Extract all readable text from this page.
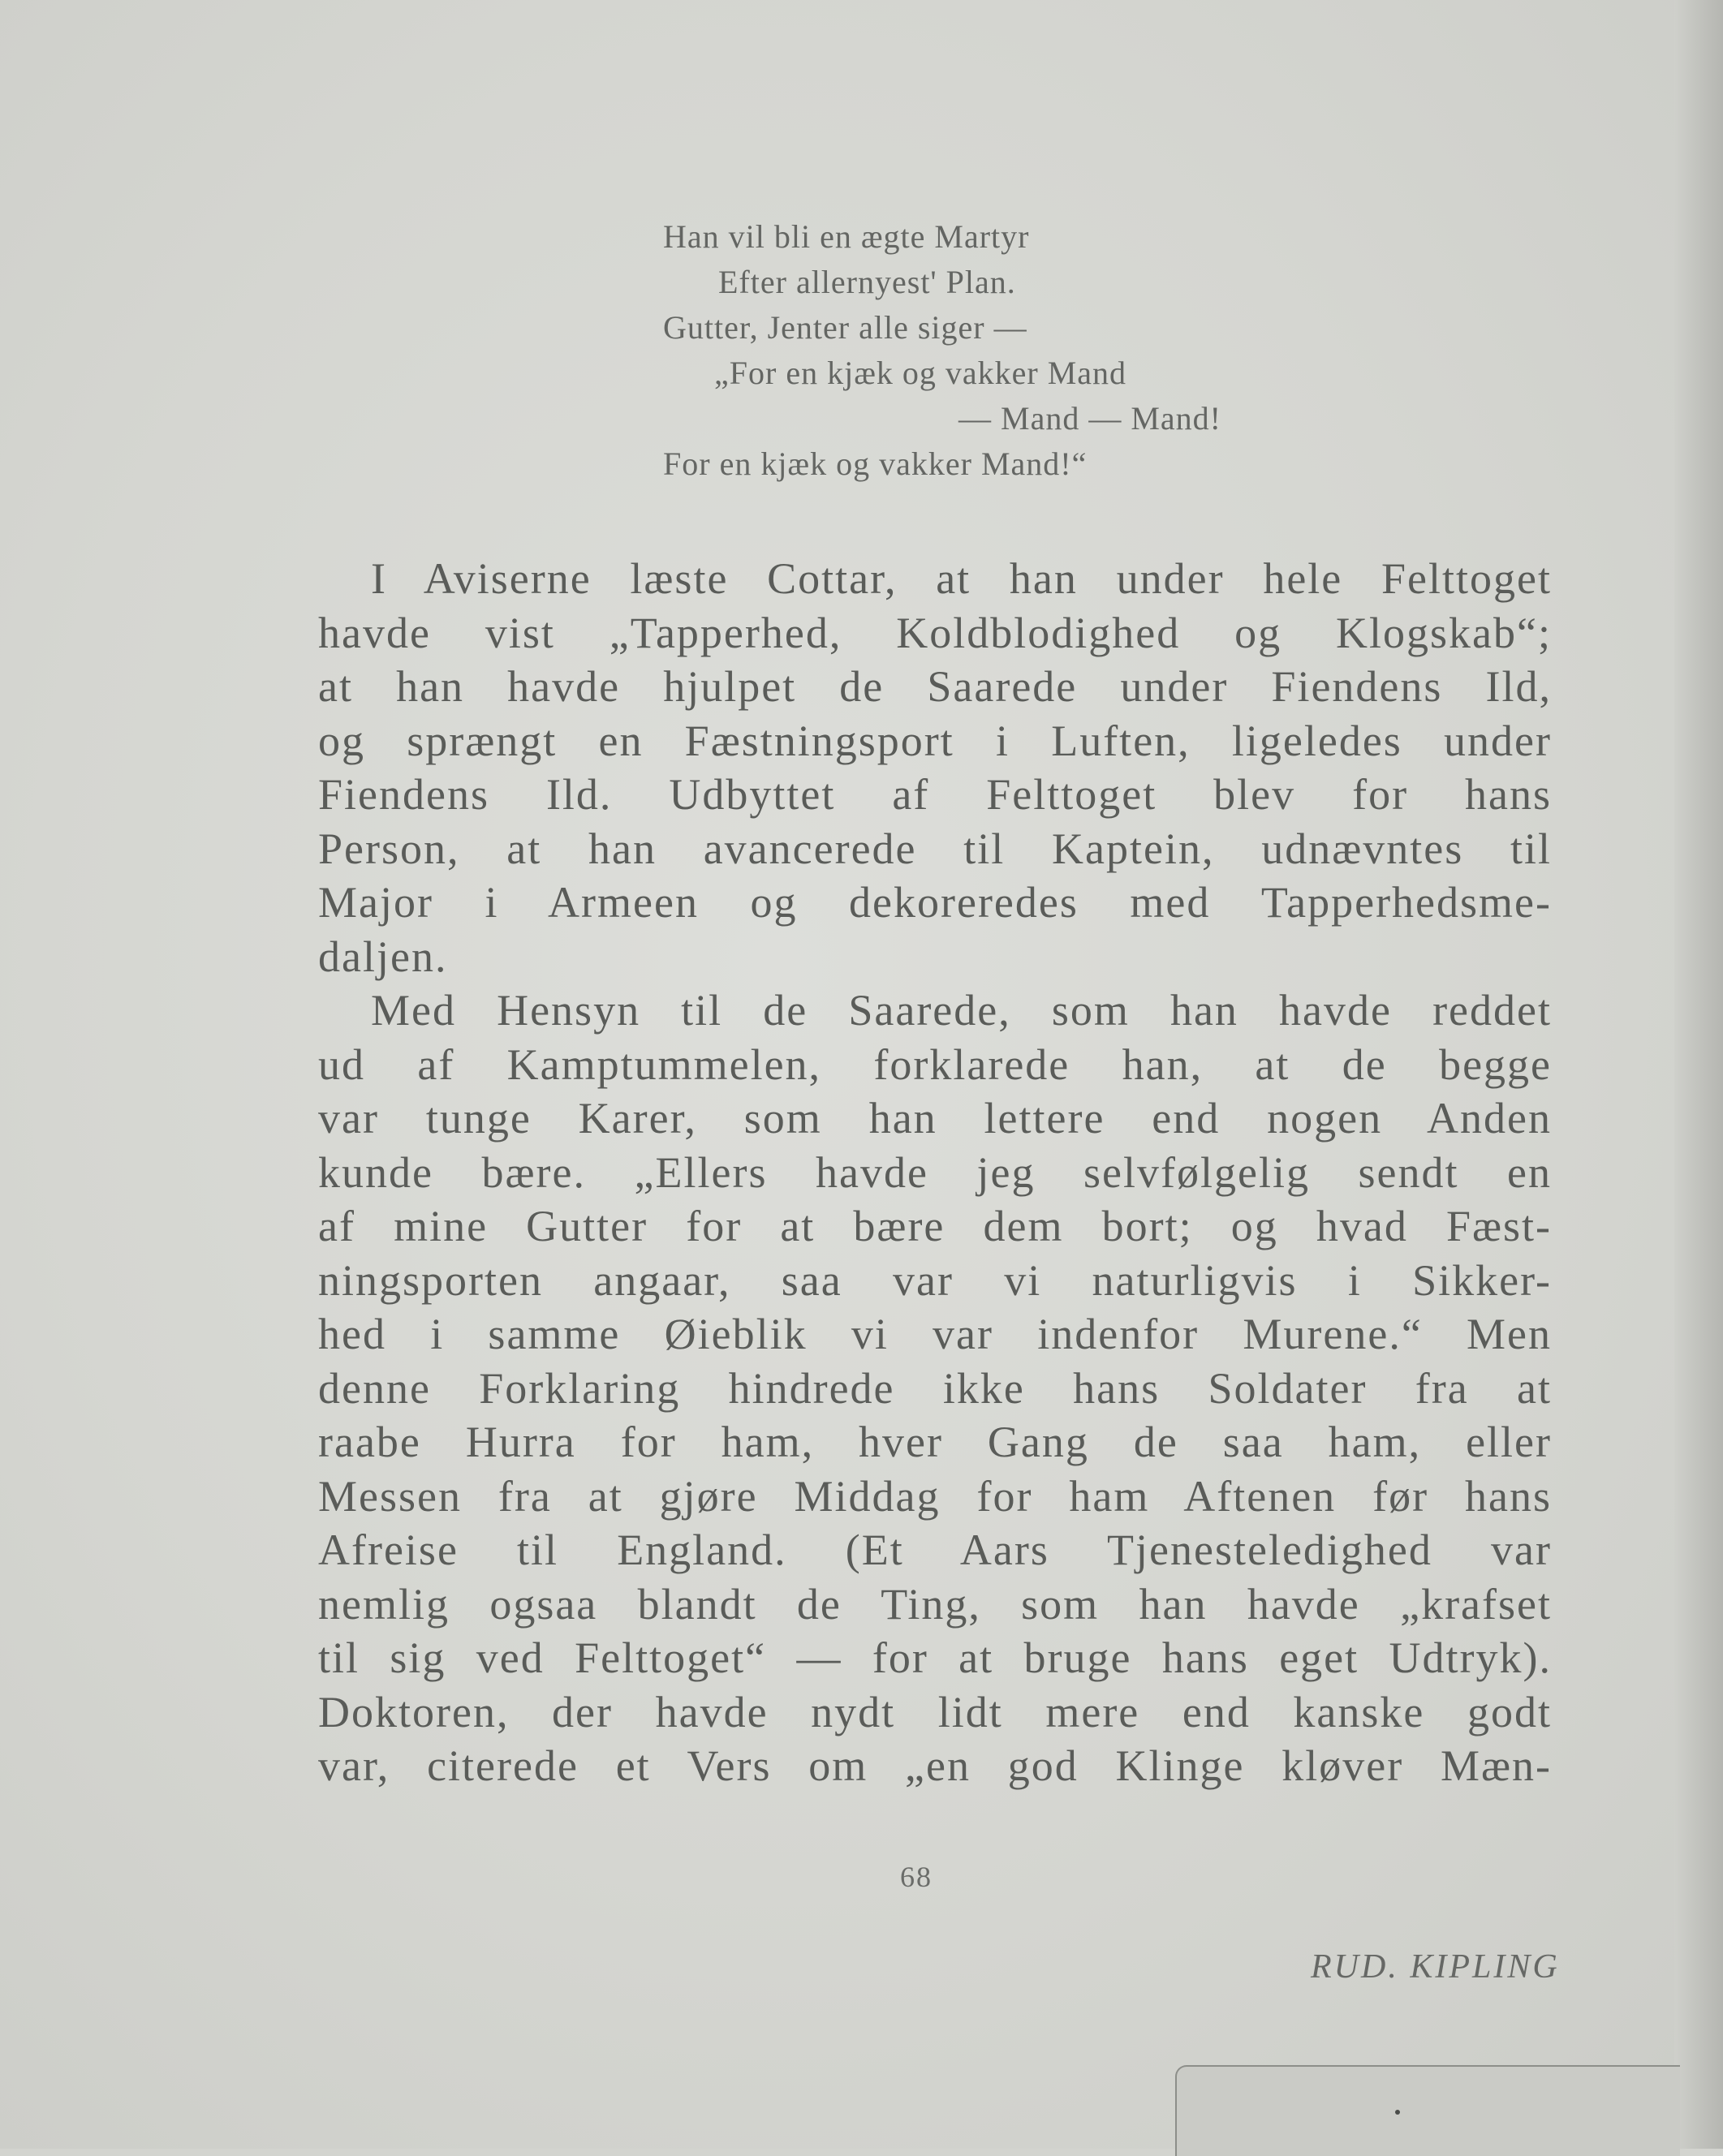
Han vil bli en ægte Martyr
Efter allernyest' Plan.
Gutter, Jenter alle siger —
„For en kjæk og vakker Mand
— Mand — Mand!
For en kjæk og vakker Mand!“
I Aviserne læste Cottar, at han under hele Felttoget
havde vist „Tapperhed, Koldblodighed og Klogskab“;
at han havde hjulpet de Saarede under Fiendens Ild,
og sprængt en Fæstningsport i Luften, ligeledes under
Fiendens Ild. Udbyttet af Felttoget blev for hans
Person, at han avancerede til Kaptein, udnævntes til
Major i Armeen og dekoreredes med Tapperhedsme-
daljen.
Med Hensyn til de Saarede, som han havde reddet
ud af Kamptummelen, forklarede han, at de begge
var tunge Karer, som han lettere end nogen Anden
kunde bære. „Ellers havde jeg selvfølgelig sendt en
af mine Gutter for at bære dem bort; og hvad Fæst-
ningsporten angaar, saa var vi naturligvis i Sikker-
hed i samme Øieblik vi var indenfor Murene.“ Men
denne Forklaring hindrede ikke hans Soldater fra at
raabe Hurra for ham, hver Gang de saa ham, eller
Messen fra at gjøre Middag for ham Aftenen før hans
Afreise til England. (Et Aars Tjenesteledighed var
nemlig ogsaa blandt de Ting, som han havde „krafset
til sig ved Felttoget“ — for at bruge hans eget Udtryk).
Doktoren, der havde nydt lidt mere end kanske godt
var, citerede et Vers om „en god Klinge kløver Mæn-
68
RUD. KIPLING
